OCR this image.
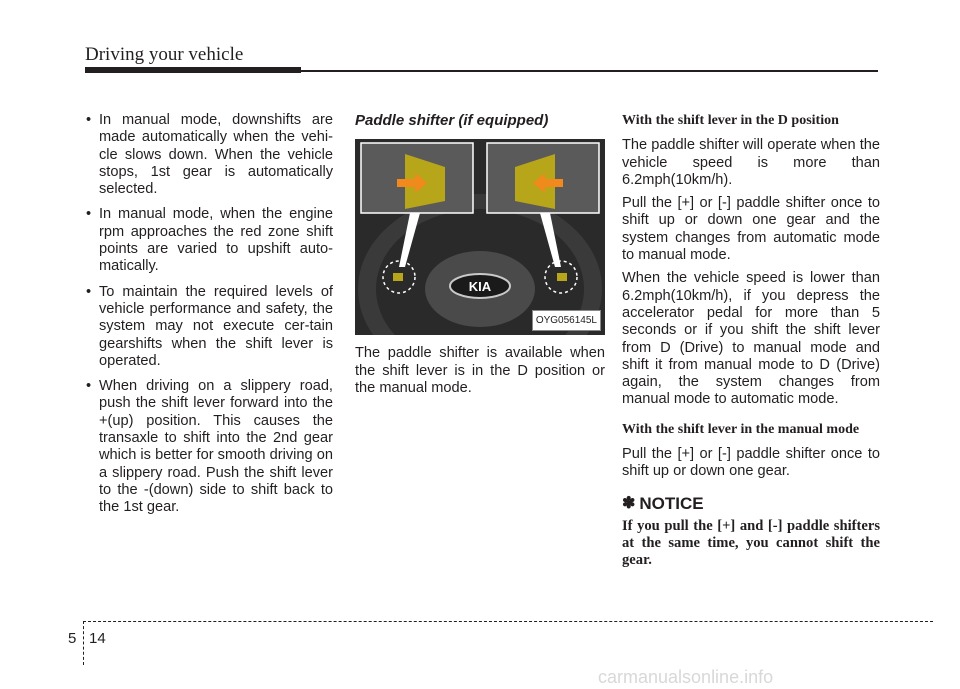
Driving your vehicle
• In manual mode, downshifts are made automatically when the vehi-cle slows down. When the vehicle stops, 1st gear is automatically selected.
• In manual mode, when the engine rpm approaches the red zone shift points are varied to upshift auto-matically.
• To maintain the required levels of vehicle performance and safety, the system may not execute cer-tain gearshifts when the shift lever is operated.
• When driving on a slippery road, push the shift lever forward into the +(up) position. This causes the transaxle to shift into the 2nd gear which is better for smooth driving on a slippery road. Push the shift lever to the -(down) side to shift back to the 1st gear.
Paddle shifter (if equipped)
KIA
OYG056145L

The paddle shifter is available when the shift lever is in the D position or the manual mode.

With the shift lever in the D position

The paddle shifter will operate when the vehicle speed is more than 6.2mph(10km/h).

Pull the [+] or [-] paddle shifter once to shift up or down one gear and the system changes from automatic mode to manual mode.

When the vehicle speed is lower than 6.2mph(10km/h), if you depress the accelerator pedal for more than 5 seconds or if you shift the shift lever from D (Drive) to manual mode and shift it from manual mode to D (Drive) again, the system changes from manual mode to automatic mode.

With the shift lever in the manual mode

Pull the [+] or [-] paddle shifter once to shift up or down one gear.

✽ NOTICE

If you pull the [+] and [-] paddle shifters at the same time, you cannot shift the gear.

5 14
carmanualsonline.info
